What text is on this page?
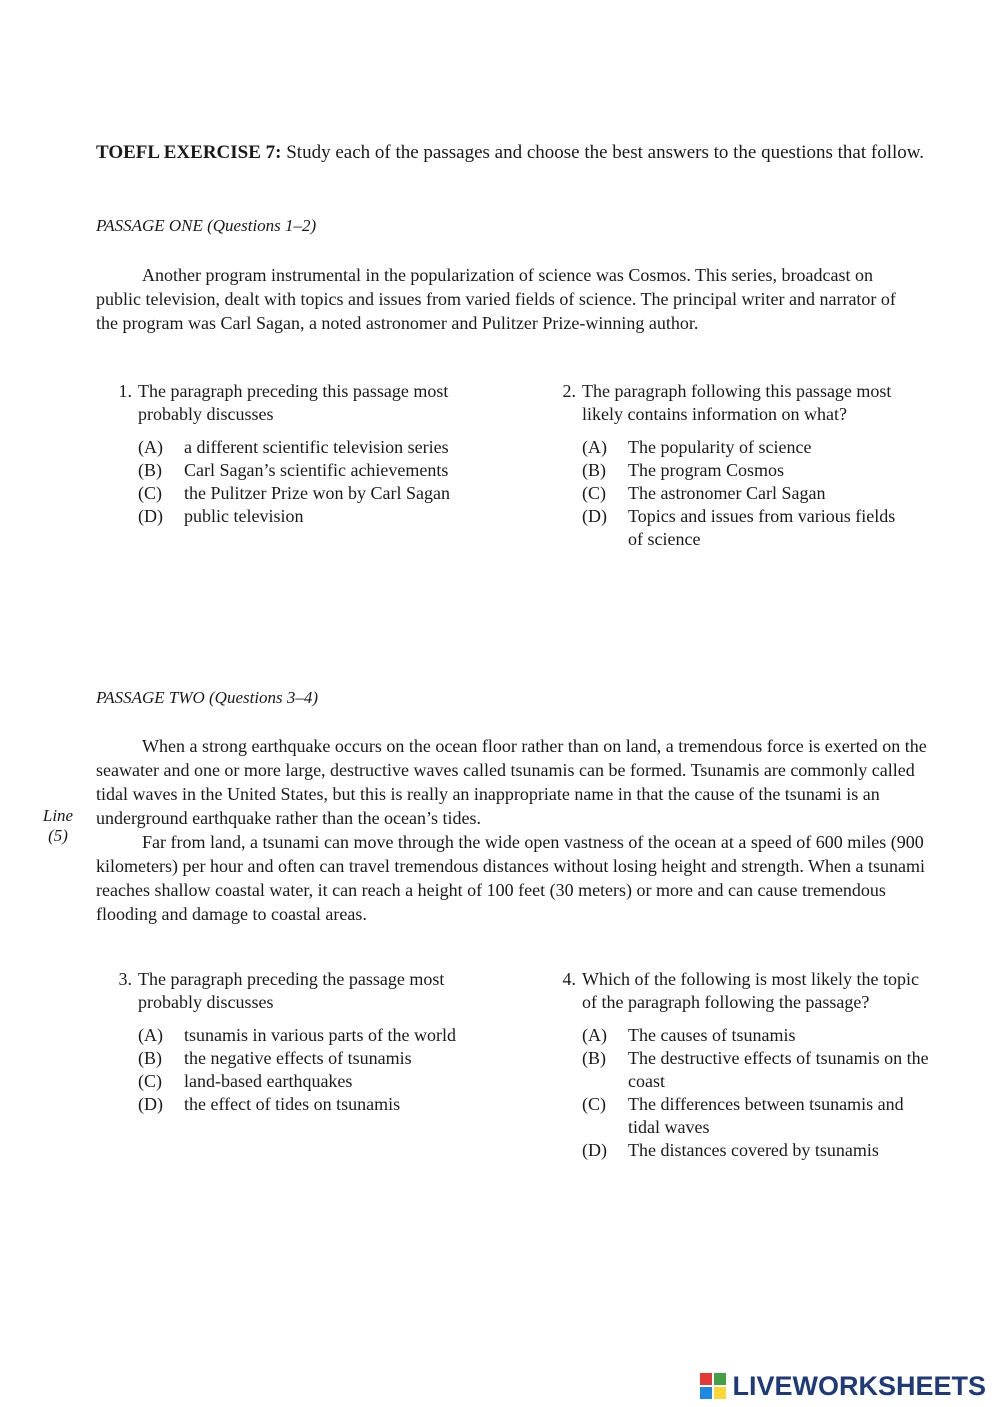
TOEFL EXERCISE 7: Study each of the passages and choose the best answers to the questions that follow.
PASSAGE ONE (Questions 1–2)

Another program instrumental in the popularization of science was Cosmos. This series, broadcast on public television, dealt with topics and issues from varied fields of science. The principal writer and narrator of the program was Carl Sagan, a noted astronomer and Pulitzer Prize-winning author.

1. The paragraph preceding this passage most probably discusses
(A) a different scientific television series
(B) Carl Sagan’s scientific achievements
(C) the Pulitzer Prize won by Carl Sagan
(D) public television
2. The paragraph following this passage most likely contains information on what?
(A) The popularity of science
(B) The program Cosmos
(C) The astronomer Carl Sagan
(D) Topics and issues from various fields of science
PASSAGE TWO (Questions 3–4)
Line
(5)

When a strong earthquake occurs on the ocean floor rather than on land, a tremendous force is exerted on the seawater and one or more large, destructive waves called tsunamis can be formed. Tsunamis are commonly called tidal waves in the United States, but this is really an inappropriate name in that the cause of the tsunami is an underground earthquake rather than the ocean’s tides.

Far from land, a tsunami can move through the wide open vastness of the ocean at a speed of 600 miles (900 kilometers) per hour and often can travel tremendous distances without losing height and strength. When a tsunami reaches shallow coastal water, it can reach a height of 100 feet (30 meters) or more and can cause tremendous flooding and damage to coastal areas.

3. The paragraph preceding the passage most probably discusses
(A) tsunamis in various parts of the world
(B) the negative effects of tsunamis
(C) land-based earthquakes
(D) the effect of tides on tsunamis
4. Which of the following is most likely the topic of the paragraph following the passage?
(A) The causes of tsunamis
(B) The destructive effects of tsunamis on the coast
(C) The differences between tsunamis and tidal waves
(D) The distances covered by tsunamis
LIVEWORKSHEETS
